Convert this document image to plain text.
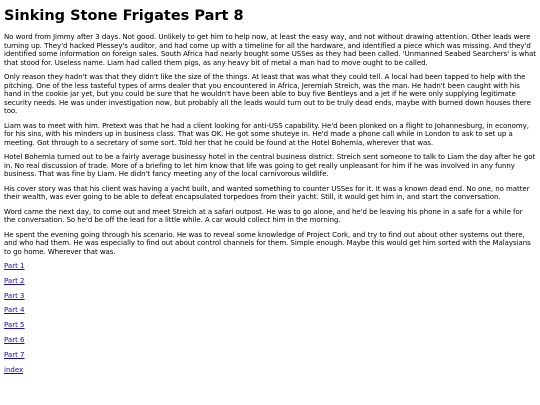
Sinking Stone Frigates Part 8

No word from Jimmy after 3 days. Not good. Unlikely to get him to help now, at least the easy way, and not without drawing attention. Other leads were turning up. They'd hacked Plessey's auditor, and had come up with a timeline for all the hardware, and identified a piece which was missing. And they'd identified some information on foreign sales. South Africa had nearly bought some USSes as they had been called. 'Unmanned Seabed Searchers' is what that stood for. Useless name. Liam had called them pigs, as any heavy bit of metal a man had to move ought to be called.

Only reason they hadn't was that they didn't like the size of the things. At least that was what they could tell. A local had been tapped to help with the pitching. One of the less tasteful types of arms dealer that you encountered in Africa, Jeremiah Streich, was the man. He hadn't been caught with his hand in the cookie jar yet, but you could be sure that he wouldn't have been able to buy five Bentleys and a jet if he were only supplying legitimate security needs. He was under investigation now, but probably all the leads would turn out to be truly dead ends, maybe with burned down houses there too.

Liam was to meet with him. Pretext was that he had a client looking for anti-USS capability. He'd been plonked on a flight to Johannesburg, in economy, for his sins, with his minders up in business class. That was OK. He got some shuteye in. He'd made a phone call while in London to ask to set up a meeting. Got through to a secretary of some sort. Told her that he could be found at the Hotel Bohemia, wherever that was.

Hotel Bohemia turned out to be a fairly average businessy hotel in the central business district. Streich sent someone to talk to Liam the day after he got in. No real discussion of trade. More of a briefing to let him know that life was going to get really unpleasant for him if he was involved in any funny business. That was fine by Liam. He didn't fancy meeting any of the local carnivorous wildlife.

His cover story was that his client was having a yacht built, and wanted something to counter USSes for it. It was a known dead end. No one, no matter their wealth, was ever going to be able to defeat encapsulated torpedoes from their yacht. Still, it would get him in, and start the conversation.

Word came the next day, to come out and meet Streich at a safari outpost. He was to go alone, and he'd be leaving his phone in a safe for a while for the conversation. So he'd be off the lead for a little while. A car would collect him in the morning.

He spent the evening going through his scenario. He was to reveal some knowledge of Project Cork, and try to find out about other systems out there, and who had them. He was especially to find out about control channels for them. Simple enough. Maybe this would get him sorted with the Malaysians to go home. Wherever that was.

Part 1
Part 2
Part 3
Part 4
Part 5
Part 6
Part 7
index
